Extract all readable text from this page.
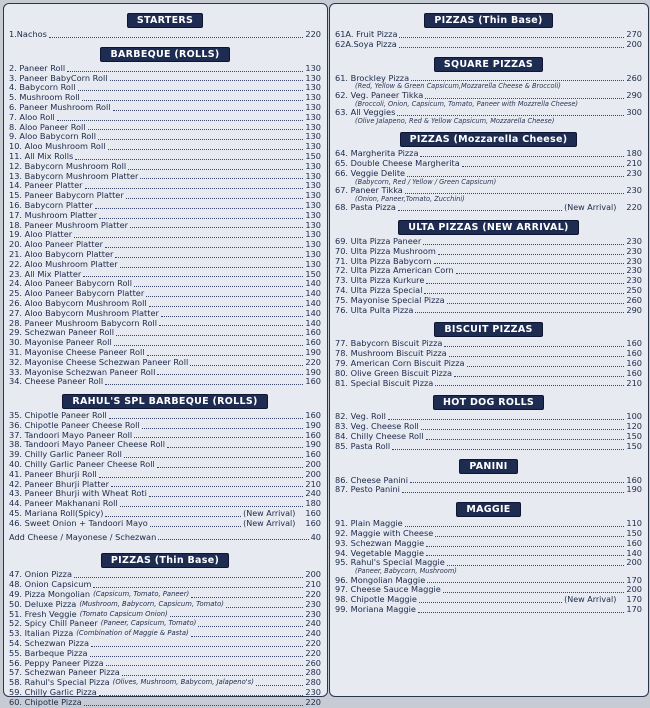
STARTERS
1.Nachos	220
BARBEQUE (ROLLS)
2. Paneer Roll	130
3. Paneer BabyCorn Roll	130
4. Babycorn Roll	130
5. Mushroom Roll	130
6. Paneer Mushroom Roll	130
7. Aloo Roll	130
8. Aloo Paneer Roll	130
9. Aloo Babycorn Roll	130
10. Aloo Mushroom Roll	130
11. All Mix Rolls	150
12. Babycorn Mushroom Roll	130
13. Babycorn Mushroom Platter	130
14. Paneer Platter	130
15. Paneer Babycorn Platter	130
16. Babycorn Platter	130
17. Mushroom Platter	130
18. Paneer Mushroom Platter	130
19. Aloo Platter	130
20. Aloo Paneer Platter	130
21. Aloo Babycorn Platter	130
22. Aloo Mushroom Platter	130
23. All Mix Platter	150
24. Aloo Paneer Babycorn Roll	140
25. Aloo Paneer Babycorn Platter	140
26. Aloo Babycorn Mushroom Roll	140
27. Aloo Babycorn Mushroom Platter	140
28. Paneer Mushroom Babycorn Roll	140
29. Schezwan Paneer Roll	160
30. Mayonise Paneer Roll	160
31. Mayonise Cheese Paneer Roll	190
32. Mayonise Cheese Schezwan Paneer Roll	220
33. Mayonise Schezwan Paneer Roll	190
34. Cheese Paneer Roll	160
RAHUL'S SPL BARBEQUE (ROLLS)
35. Chipotle Paneer Roll	160
36. Chipotle Paneer Cheese Roll	190
37. Tandoori Mayo Paneer Roll	160
38. Tandoori Mayo Paneer Cheese Roll	190
39. Chilly Garlic Paneer Roll	160
40. Chilly Garlic Paneer Cheese Roll	200
41. Paneer Bhurji Roll	200
42. Paneer Bhurji Platter	210
43. Paneer Bhurji with Wheat Roti	240
44. Paneer Makhanani Roll	180
45. Mariana Roll(Spicy)	(New Arrival) 160
46. Sweet Onion + Tandoori Mayo	(New Arrival) 160
Add Cheese / Mayonese / Schezwan	40
PIZZAS (Thin Base)
47. Onion Pizza	200
48. Onion Capsicum	210
49. Pizza Mongolian (Capsicum, Tomato, Paneer)	220
50. Deluxe Pizza (Mushroom, Babycorn, Capsicum, Tomato)	230
51. Fresh Veggie (Tomato Capsicum Onion)	230
52. Spicy Chill Paneer (Paneer, Capsicum, Tomato)	240
53. Italian Pizza (Combination of Maggie & Pasta)	240
54. Schezwan Pizza	220
55. Barbeque Pizza	220
56. Peppy Paneer Pizza	260
57. Schezwan Paneer Pizza	280
58. Rahul's Special Pizza (Olives, Mushroom, Babycom, Jalapeno's)	280
59. Chilly Garlic Pizza	230
60. Chipotle Pizza	220
PIZZAS (Thin Base)
61A. Fruit Pizza	270
62A.Soya Pizza	200
SQUARE PIZZAS
61. Brockley Pizza	260
(Red, Yellow & Green Capsicum,Mozzarella Cheese & Broccoli)
62. Veg. Paneer Tikka	290
(Broccoli, Onion, Capsicum, Tomato, Paneer with Mozzrella Cheese)
63. All Veggies	300
(Olive Jalapeno, Red & Yellow Capsicum, Mozzarella Cheese)
PIZZAS (Mozzarella Cheese)
64. Margherita Pizza	180
65. Double Cheese Margherita	210
66. Veggie Delite	230
(Babycorn, Red / Yellow / Green Capsicum)
67. Paneer Tikka	230
(Onion, Paneer,Tomato, Zucchini)
68. Pasta Pizza	(New Arrival) 220
ULTA PIZZAS (NEW ARRIVAL)
69. Ulta Pizza Paneer	230
70. Ulta Pizza Mushroom	230
71. Ulta Pizza Babycorn	230
72. Ulta Pizza American Corn	230
73. Ulta Pizza Kurkure	230
74. Ulta Pizza Special	250
75. Mayonise Special Pizza	260
76. Ulta Pulta Pizza	290
BISCUIT PIZZAS
77. Babycorn Biscuit Pizza	160
78. Mushroom Biscuit Pizza	160
79. American Corn Biscuit Pizza	160
80. Olive Green Biscuit Pizza	160
81. Special Biscuit Pizza	210
HOT DOG ROLLS
82. Veg. Roll	100
83. Veg. Cheese Roll	120
84. Chilly Cheese Roll	150
85. Pasta Roll	150
PANINI
86. Cheese Panini	160
87. Pesto Panini	190
MAGGIE
91. Plain Maggie	110
92. Maggie with Cheese	150
93. Schezwan Maggie	160
94. Vegetable Maggie	140
95. Rahul's Special Maggie	200
(Paneer, Babycorn, Mushroom)
96. Mongolian Maggie	170
97. Cheese Sauce Maggie	200
98. Chipotle Maggie	(New Arrival) 170
99. Moriana Maggie	170
